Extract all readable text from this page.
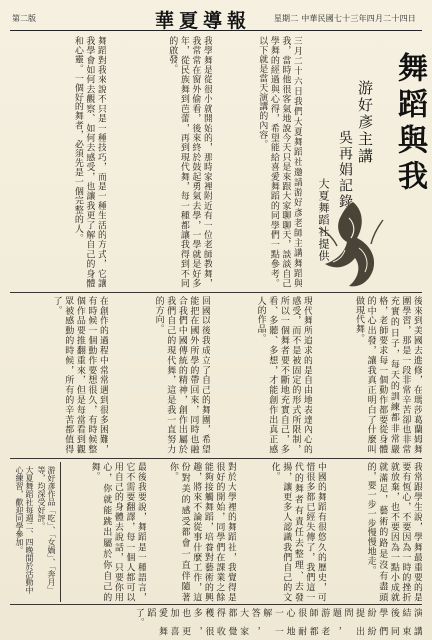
第二版	華夏導報	星期二 中華民國七十三年四月二十四日
舞蹈與我
游好彥主講
吳再娟記錄
大夏舞蹈社提供
三月二十六日我們大夏舞蹈社邀請游好彥老師主講舞蹈與我，當時他很客氣地說今天只是來跟大家聊聊天，談談自己學舞的經過與心得，希望能給喜愛舞蹈的同學們一點參考。以下就是當天演講的內容。
我學舞是從很小就開始的，那時家裡附近有一位老師教舞，我常常在窗外偷看，後來終於鼓起勇氣去學，一學就是好多年，從民族舞到芭蕾，再到現代舞，每一種都讓我得到不同的啟發。
舞蹈對我來說不只是一種技巧，而是一種生活的方式，它讓我學會如何去觀察、如何去感受，也讓我更了解自己的身體和心靈。一個好的舞者，必須先是一個完整的人。
後來到美國去進修，在瑪莎葛蘭姆舞團學習，那是一段非常辛苦卻也非常充實的日子，每天的訓練都非常嚴格，老師要求每一個動作都要從身體的中心出發，讓我真正明白了什麼叫做現代舞。
現代舞所追求的是自由地表達內心的感受，而不是被固定的形式所限制，所以一個舞者要不斷地充實自己，多看、多聽、多想，才能創作出真正感人的作品。
回國以後我成立了自己的舞團，希望能把在國外所學的帶回來，同時也融合我們中國傳統的精神，創作出屬於我們自己的現代舞，這是我一直努力的方向。
在創作的過程中常常遇到很多困難，有時候一個動作要想很久，有時候整個作品要推翻重來，但是每當看到觀眾被感動的時候，所有的辛苦都值得了。
我常跟學生說，學舞最重要的是要有恆心，不要因為一時的挫折就放棄，也不要因為一點小成就就滿足，藝術的路是沒有盡頭的，要一步一步慢慢地走。
中國的舞蹈有很悠久的歷史，可惜很多都已經失傳了，我們這一代的舞者有責任去整理、去發揚，讓更多人認識我們自己的文化。
對於大學裡的舞蹈社，我覺得是很好的開始，同學們在課業之餘能夠接觸舞蹈，培養對藝術的興趣，將來不論從事什麼工作，這份對美的感受都會一直伴隨著你。
最後我要說，舞蹈是一種語言，它不需要翻譯，每一個人都可以用自己的身體去說話，只要你用心，你就能跳出屬於你自己的舞。
游好彥作品「吃」、「女媧」、「奔月」等，均深受好評。
大夏舞蹈社每週二、四晚間於活動中心練習，歡迎同學參加。
演講結束後同學們紛紛提出問題，游老師都很耐心地一一解答，大家都覺得收穫很多，也更加喜愛舞蹈了。
